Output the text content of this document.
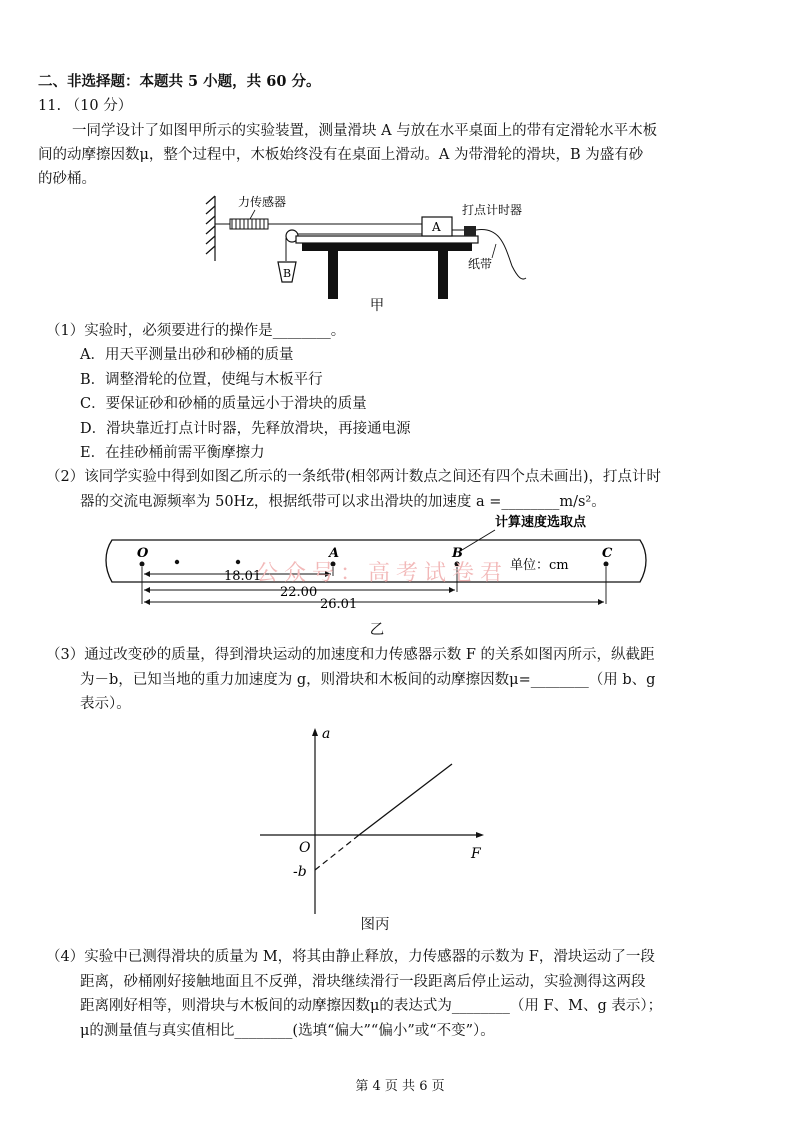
二、非选择题：本题共 5 小题，共 60 分。
11. （10 分）
一同学设计了如图甲所示的实验装置，测量滑块 A 与放在水平桌面上的带有定滑轮水平木板
间的动摩擦因数μ，整个过程中，木板始终没有在桌面上滑动。A 为带滑轮的滑块，B 为盛有砂
的砂桶。
B
A
力传感器
打点计时器
纸带
甲
（1）实验时，必须要进行的操作是________。
A．用天平测量出砂和砂桶的质量
B．调整滑轮的位置，使绳与木板平行
C．要保证砂和砂桶的质量远小于滑块的质量
D．滑块靠近打点计时器，先释放滑块，再接通电源
E．在挂砂桶前需平衡摩擦力
（2）该同学实验中得到如图乙所示的一条纸带(相邻两计数点之间还有四个点未画出)，打点计时
器的交流电源频率为 50Hz，根据纸带可以求出滑块的加速度 a =________m/s²。
O	A	B	C
计算速度选取点
单位：cm
18.01
22.00
26.01
公众号：高考试卷君
乙
（3）通过改变砂的质量，得到滑块运动的加速度和力传感器示数 F 的关系如图丙所示，纵截距
为－b，已知当地的重力加速度为 g，则滑块和木板间的动摩擦因数μ=________（用 b、g
表示）。
a
F
O
-b
图丙
（4）实验中已测得滑块的质量为 M，将其由静止释放，力传感器的示数为 F，滑块运动了一段
距离，砂桶刚好接触地面且不反弹，滑块继续滑行一段距离后停止运动，实验测得这两段
距离刚好相等，则滑块与木板间的动摩擦因数μ的表达式为________（用 F、M、g 表示）；
μ的测量值与真实值相比________(选填“偏大”“偏小”或“不变”）。
第 4 页 共 6 页
